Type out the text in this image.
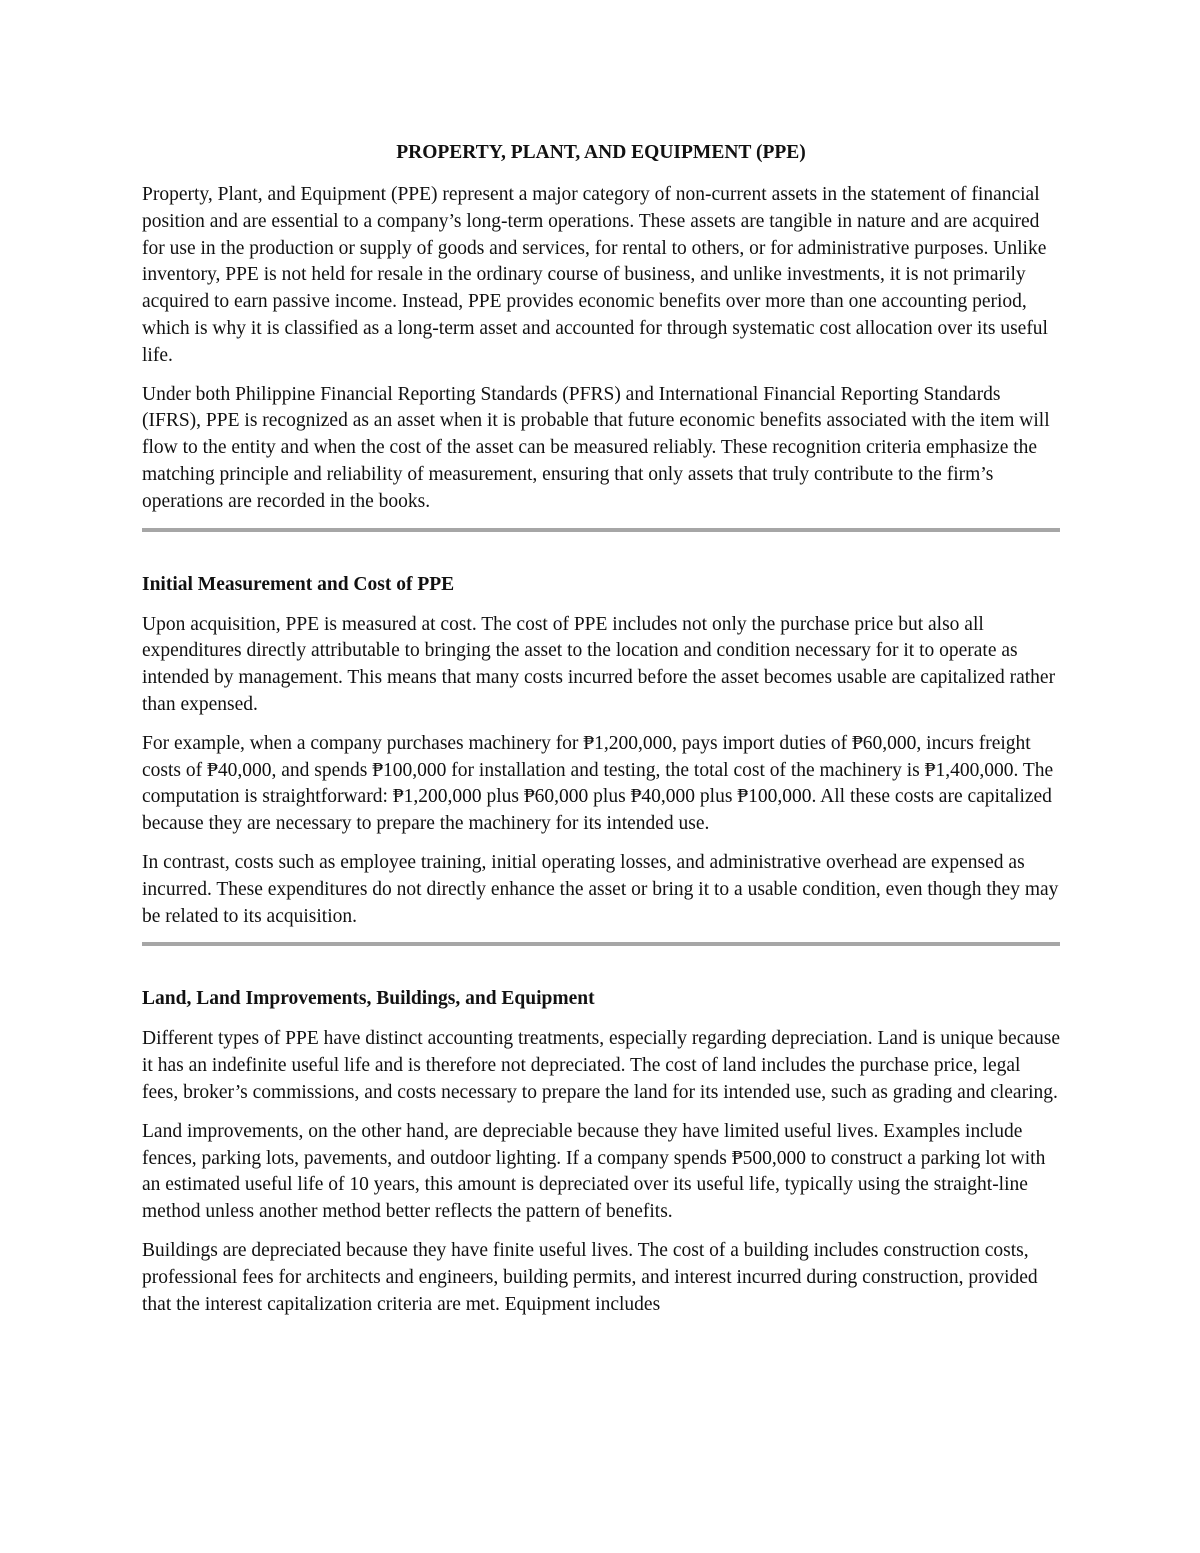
PROPERTY, PLANT, AND EQUIPMENT (PPE)

Property, Plant, and Equipment (PPE) represent a major category of non-current assets in the statement of financial position and are essential to a company’s long-term operations. These assets are tangible in nature and are acquired for use in the production or supply of goods and services, for rental to others, or for administrative purposes. Unlike inventory, PPE is not held for resale in the ordinary course of business, and unlike investments, it is not primarily acquired to earn passive income. Instead, PPE provides economic benefits over more than one accounting period, which is why it is classified as a long-term asset and accounted for through systematic cost allocation over its useful life.

Under both Philippine Financial Reporting Standards (PFRS) and International Financial Reporting Standards (IFRS), PPE is recognized as an asset when it is probable that future economic benefits associated with the item will flow to the entity and when the cost of the asset can be measured reliably. These recognition criteria emphasize the matching principle and reliability of measurement, ensuring that only assets that truly contribute to the firm’s operations are recorded in the books.

Initial Measurement and Cost of PPE

Upon acquisition, PPE is measured at cost. The cost of PPE includes not only the purchase price but also all expenditures directly attributable to bringing the asset to the location and condition necessary for it to operate as intended by management. This means that many costs incurred before the asset becomes usable are capitalized rather than expensed.

For example, when a company purchases machinery for ₱1,200,000, pays import duties of ₱60,000, incurs freight costs of ₱40,000, and spends ₱100,000 for installation and testing, the total cost of the machinery is ₱1,400,000. The computation is straightforward: ₱1,200,000 plus ₱60,000 plus ₱40,000 plus ₱100,000. All these costs are capitalized because they are necessary to prepare the machinery for its intended use.

In contrast, costs such as employee training, initial operating losses, and administrative overhead are expensed as incurred. These expenditures do not directly enhance the asset or bring it to a usable condition, even though they may be related to its acquisition.

Land, Land Improvements, Buildings, and Equipment

Different types of PPE have distinct accounting treatments, especially regarding depreciation. Land is unique because it has an indefinite useful life and is therefore not depreciated. The cost of land includes the purchase price, legal fees, broker’s commissions, and costs necessary to prepare the land for its intended use, such as grading and clearing.

Land improvements, on the other hand, are depreciable because they have limited useful lives. Examples include fences, parking lots, pavements, and outdoor lighting. If a company spends ₱500,000 to construct a parking lot with an estimated useful life of 10 years, this amount is depreciated over its useful life, typically using the straight-line method unless another method better reflects the pattern of benefits.

Buildings are depreciated because they have finite useful lives. The cost of a building includes construction costs, professional fees for architects and engineers, building permits, and interest incurred during construction, provided that the interest capitalization criteria are met. Equipment includes
